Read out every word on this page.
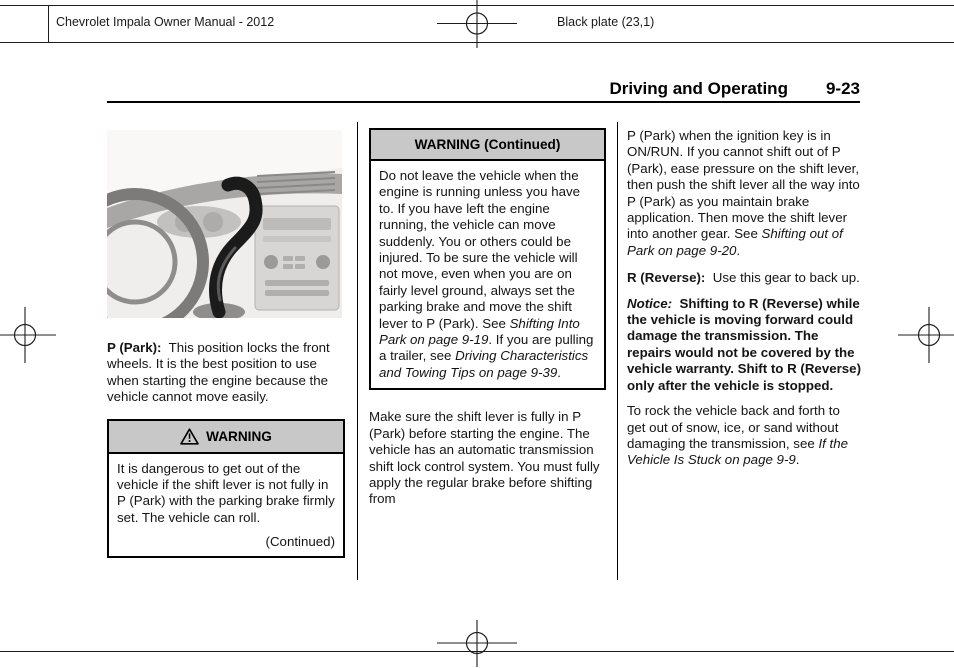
Chevrolet Impala Owner Manual - 2012	Black plate (23,1)
Driving and Operating 9-23

P (Park):  This position locks the front wheels. It is the best position to use when starting the engine because the vehicle cannot move easily.

WARNING

It is dangerous to get out of the vehicle if the shift lever is not fully in P (Park) with the parking brake firmly set. The vehicle can roll.

(Continued)
WARNING (Continued)

Do not leave the vehicle when the engine is running unless you have to. If you have left the engine running, the vehicle can move suddenly. You or others could be injured. To be sure the vehicle will not move, even when you are on fairly level ground, always set the parking brake and move the shift lever to P (Park). See Shifting Into Park on page 9-19. If you are pulling a trailer, see Driving Characteristics and Towing Tips on page 9-39.

Make sure the shift lever is fully in P (Park) before starting the engine. The vehicle has an automatic transmission shift lock control system. You must fully apply the regular brake before shifting from

P (Park) when the ignition key is in ON/RUN. If you cannot shift out of P (Park), ease pressure on the shift lever, then push the shift lever all the way into P (Park) as you maintain brake application. Then move the shift lever into another gear. See Shifting out of Park on page 9-20.

R (Reverse):  Use this gear to back up.

Notice:  Shifting to R (Reverse) while the vehicle is moving forward could damage the transmission. The repairs would not be covered by the vehicle warranty. Shift to R (Reverse) only after the vehicle is stopped.

To rock the vehicle back and forth to get out of snow, ice, or sand without damaging the transmission, see If the Vehicle Is Stuck on page 9-9.
